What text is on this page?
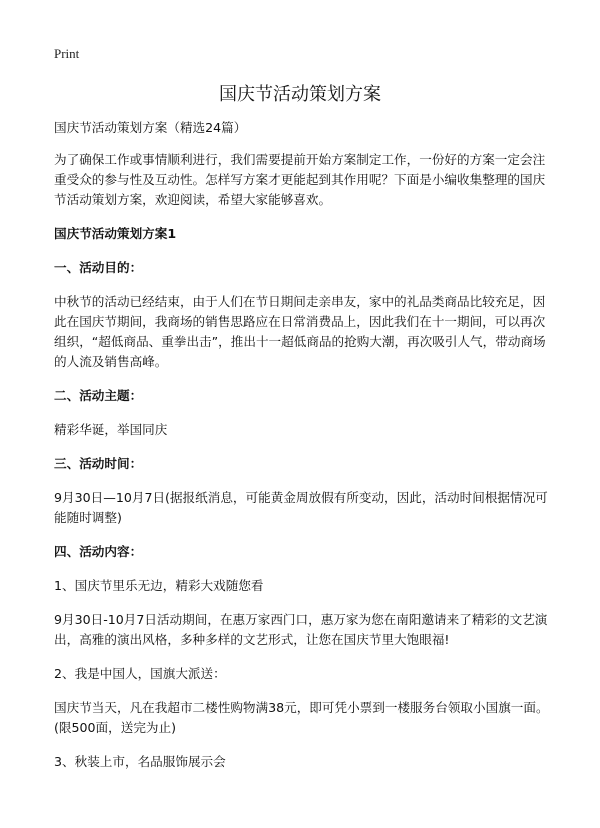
Print
国庆节活动策划方案

国庆节活动策划方案（精选24篇）

为了确保工作或事情顺利进行，我们需要提前开始方案制定工作，一份好的方案一定会注重受众的参与性及互动性。怎样写方案才更能起到其作用呢？下面是小编收集整理的国庆节活动策划方案，欢迎阅读，希望大家能够喜欢。

国庆节活动策划方案1

一、活动目的：

中秋节的活动已经结束，由于人们在节日期间走亲串友，家中的礼品类商品比较充足，因此在国庆节期间，我商场的销售思路应在日常消费品上，因此我们在十一期间，可以再次组织，“超低商品、重拳出击”，推出十一超低商品的抢购大潮，再次吸引人气，带动商场的人流及销售高峰。

二、活动主题：

精彩华诞，举国同庆

三、活动时间：

9月30日—10月7日(据报纸消息，可能黄金周放假有所变动，因此，活动时间根据情况可能随时调整)

四、活动内容：

1、国庆节里乐无边，精彩大戏随您看

9月30日-10月7日活动期间，在惠万家西门口，惠万家为您在南阳邀请来了精彩的文艺演出，高雅的演出风格，多种多样的文艺形式，让您在国庆节里大饱眼福!

2、我是中国人，国旗大派送：

国庆节当天，凡在我超市二楼性购物满38元，即可凭小票到一楼服务台领取小国旗一面。(限500面，送完为止)

3、秋装上市，名品服饰展示会
